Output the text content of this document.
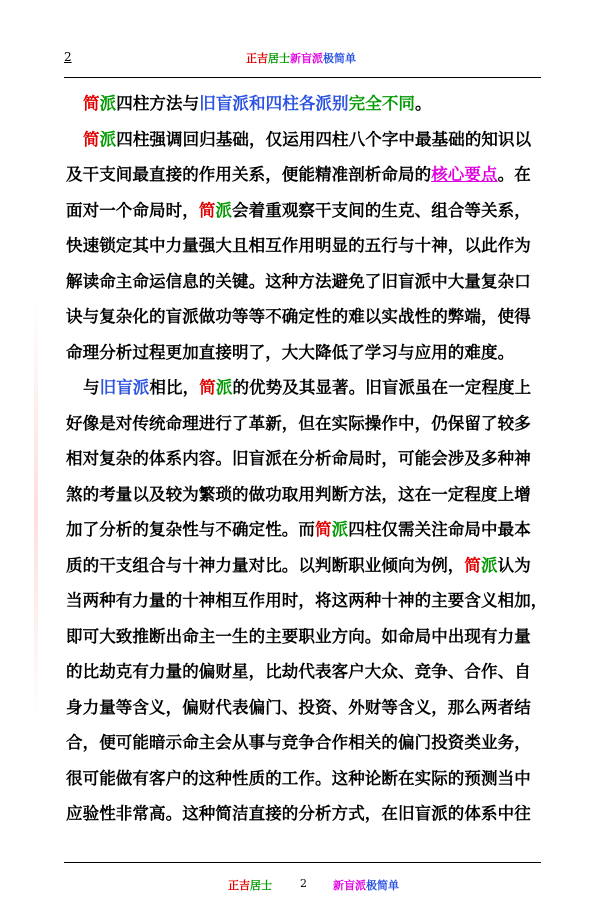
2	正吉居士新盲派极简单
简派四柱方法与旧盲派和四柱各派别完全不同。
简派四柱强调回归基础，仅运用四柱八个字中最基础的知识以
及干支间最直接的作用关系，便能精准剖析命局的核心要点。在
面对一个命局时，简派会着重观察干支间的生克、组合等关系，
快速锁定其中力量强大且相互作用明显的五行与十神，以此作为
解读命主命运信息的关键。这种方法避免了旧盲派中大量复杂口
诀与复杂化的盲派做功等等不确定性的难以实战性的弊端，使得
命理分析过程更加直接明了，大大降低了学习与应用的难度。
与旧盲派相比，简派的优势及其显著。旧盲派虽在一定程度上
好像是对传统命理进行了革新，但在实际操作中，仍保留了较多
相对复杂的体系内容。旧盲派在分析命局时，可能会涉及多种神
煞的考量以及较为繁琐的做功取用判断方法，这在一定程度上增
加了分析的复杂性与不确定性。而简派四柱仅需关注命局中最本
质的干支组合与十神力量对比。以判断职业倾向为例，简派认为
当两种有力量的十神相互作用时，将这两种十神的主要含义相加，
即可大致推断出命主一生的主要职业方向。如命局中出现有力量
的比劫克有力量的偏财星，比劫代表客户大众、竞争、合作、自
身力量等含义，偏财代表偏门、投资、外财等含义，那么两者结
合，便可能暗示命主会从事与竞争合作相关的偏门投资类业务，
很可能做有客户的这种性质的工作。这种论断在实际的预测当中
应验性非常高。这种简洁直接的分析方式，在旧盲派的体系中往
正吉居士	2 新盲派极简单
